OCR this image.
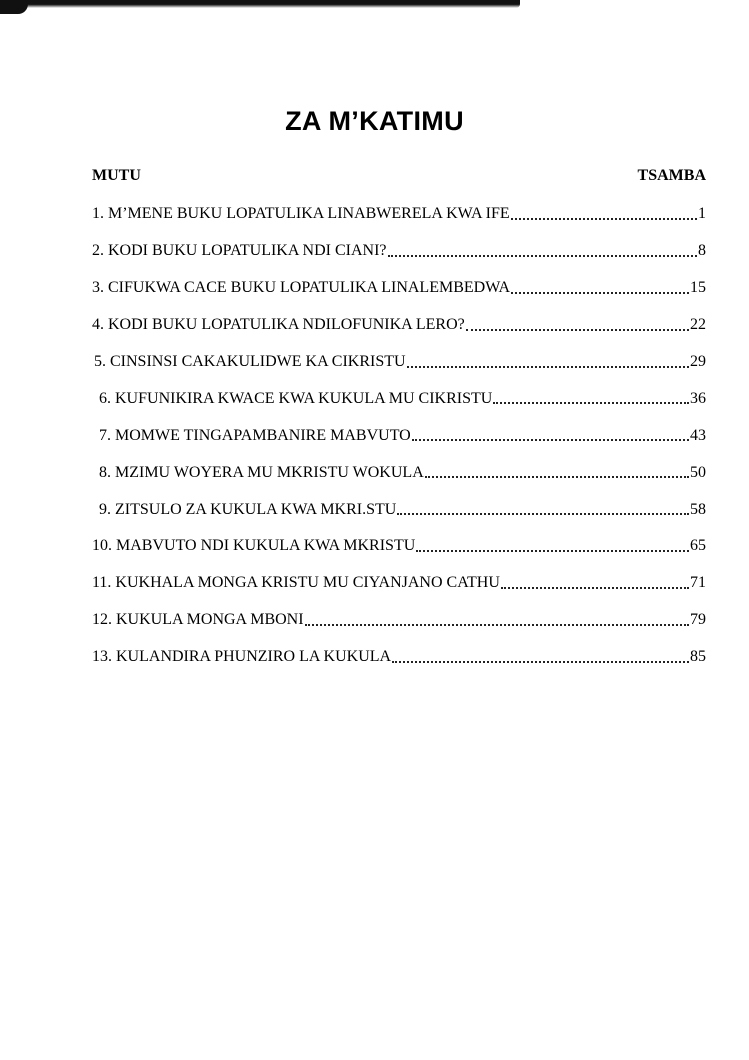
ZA M’KATIMU
MUTU	TSAMBA
1. M’MENE BUKU LOPATULIKA LINABWERELA KWA IFE	1
2. KODI BUKU LOPATULIKA NDI CIANI?	8
3. CIFUKWA CACE BUKU LOPATULIKA LINALEMBEDWA	15
4. KODI BUKU LOPATULIKA NDILOFUNIKA LERO?	22
5. CINSINSI CAKAKULIDWE KA CIKRISTU	29
6. KUFUNIKIRA KWACE KWA KUKULA MU CIKRISTU	36
7. MOMWE TINGAPAMBANIRE MABVUTO	43
8. MZIMU WOYERA MU MKRISTU WOKULA	50
9. ZITSULO ZA KUKULA KWA MKRI.STU	58
10. MABVUTO NDI KUKULA KWA MKRISTU	65
11. KUKHALA MONGA KRISTU MU CIYANJANO CATHU	71
12. KUKULA MONGA MBONI	79
13. KULANDIRA PHUNZIRO LA KUKULA	85
